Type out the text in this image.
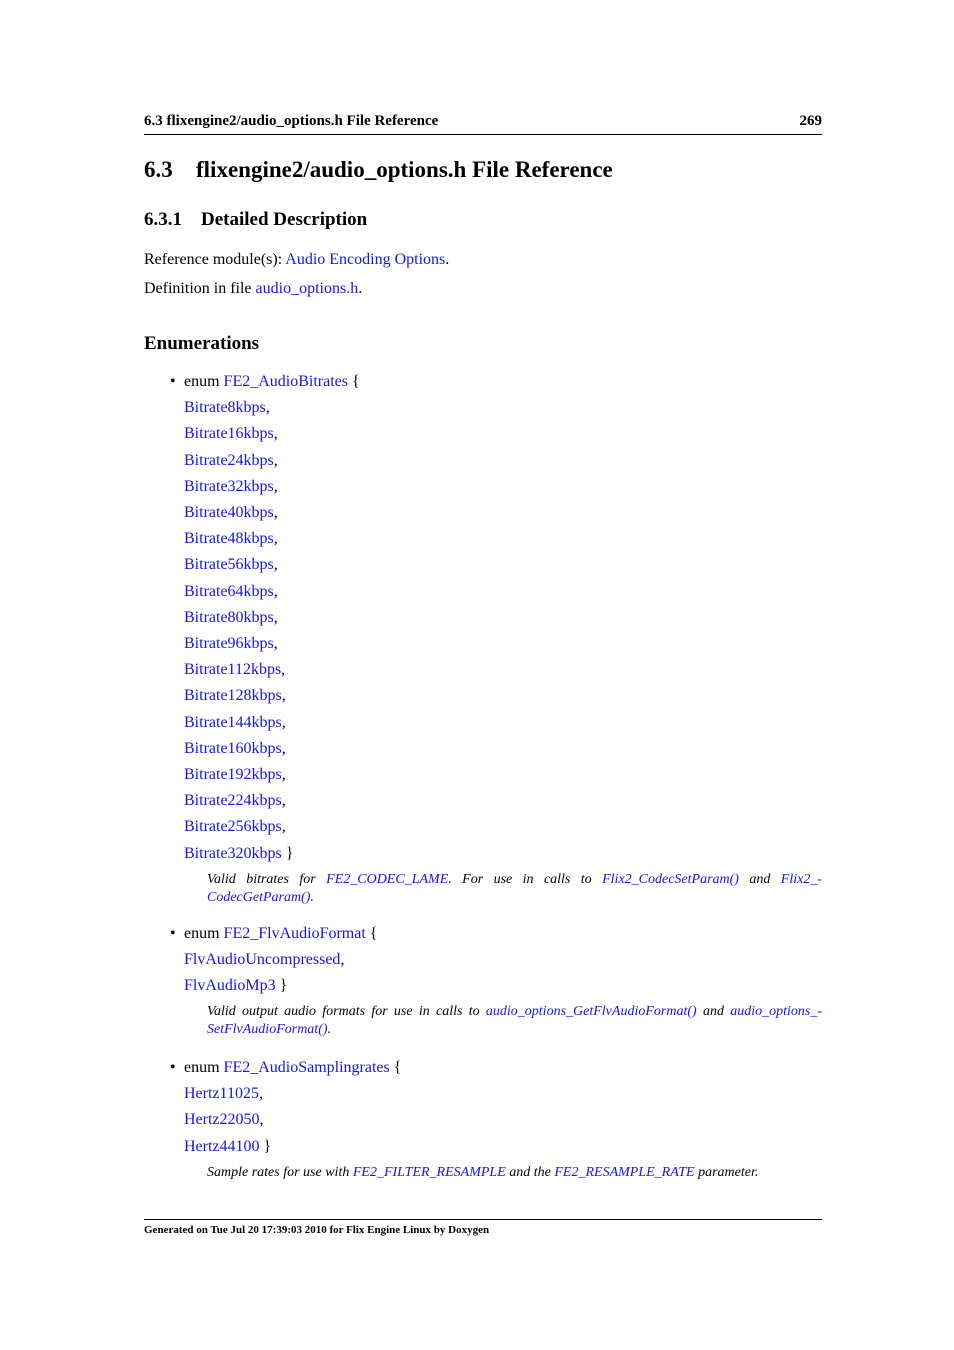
6.3 flixengine2/audio_options.h File Reference	269
6.3 flixengine2/audio_options.h File Reference
6.3.1 Detailed Description
Reference module(s): Audio Encoding Options.
Definition in file audio_options.h.
Enumerations
• enum FE2_AudioBitrates {
Bitrate8kbps,
Bitrate16kbps,
Bitrate24kbps,
Bitrate32kbps,
Bitrate40kbps,
Bitrate48kbps,
Bitrate56kbps,
Bitrate64kbps,
Bitrate80kbps,
Bitrate96kbps,
Bitrate112kbps,
Bitrate128kbps,
Bitrate144kbps,
Bitrate160kbps,
Bitrate192kbps,
Bitrate224kbps,
Bitrate256kbps,
Bitrate320kbps }
Valid bitrates for FE2_CODEC_LAME. For use in calls to Flix2_CodecSetParam() and Flix2_-CodecGetParam().
• enum FE2_FlvAudioFormat {
FlvAudioUncompressed,
FlvAudioMp3 }
Valid output audio formats for use in calls to audio_options_GetFlvAudioFormat() and audio_options_-SetFlvAudioFormat().
• enum FE2_AudioSamplingrates {
Hertz11025,
Hertz22050,
Hertz44100 }
Sample rates for use with FE2_FILTER_RESAMPLE and the FE2_RESAMPLE_RATE parameter.
Generated on Tue Jul 20 17:39:03 2010 for Flix Engine Linux by Doxygen
